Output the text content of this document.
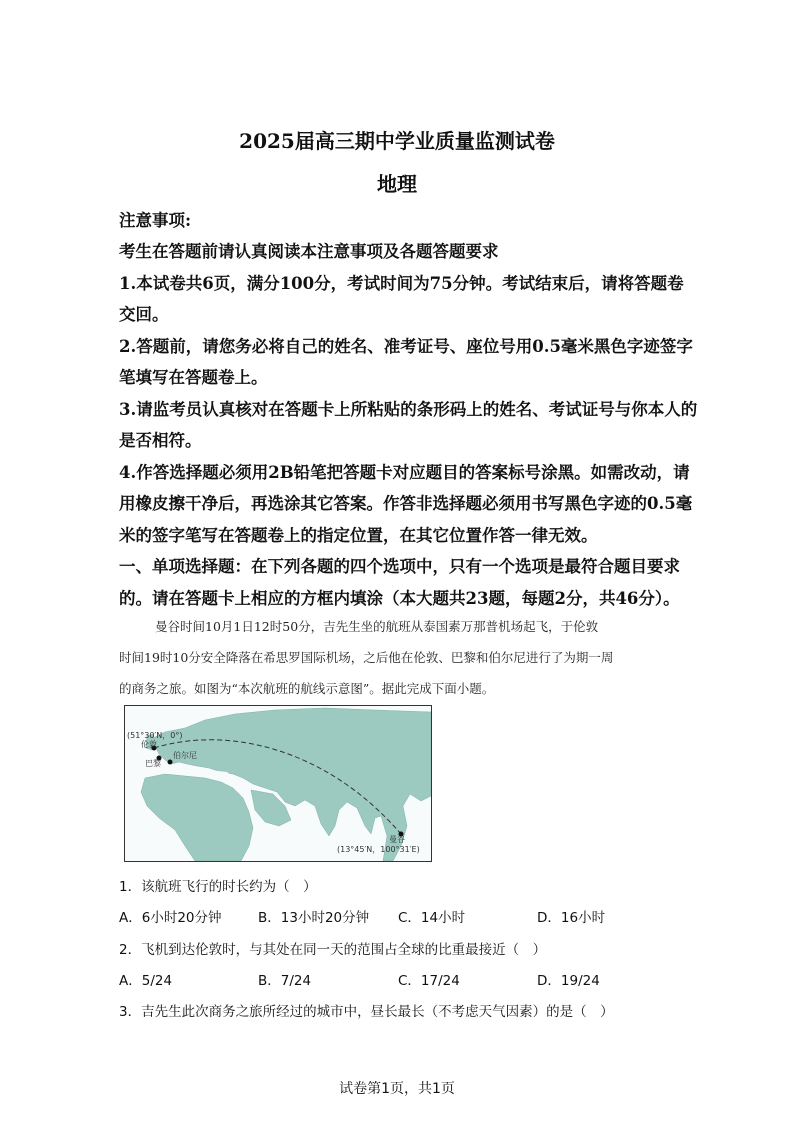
2025届高三期中学业质量监测试卷
地理
注意事项:
考生在答题前请认真阅读本注意事项及各题答题要求
1.本试卷共6页，满分100分，考试时间为75分钟。考试结束后，请将答题卷
交回。
2.答题前，请您务必将自己的姓名、准考证号、座位号用0.5毫米黑色字迹签字
笔填写在答题卷上。
3.请监考员认真核对在答题卡上所粘贴的条形码上的姓名、考试证号与你本人的
是否相符。
4.作答选择题必须用2B铅笔把答题卡对应题目的答案标号涂黑。如需改动，请
用橡皮擦干净后，再选涂其它答案。作答非选择题必须用书写黑色字迹的0.5毫
米的签字笔写在答题卷上的指定位置，在其它位置作答一律无效。
一、单项选择题：在下列各题的四个选项中，只有一个选项是最符合题目要求
的。请在答题卡上相应的方框内填涂（本大题共23题，每题2分，共46分）。
曼谷时间10月1日12时50分，吉先生坐的航班从泰国素万那普机场起飞，于伦敦
时间19时10分安全降落在希思罗国际机场，之后他在伦敦、巴黎和伯尔尼进行了为期一周
的商务之旅。如图为“本次航班的航线示意图”。据此完成下面小题。
(51°30′N，0°)
伦敦
巴黎
伯尔尼
曼谷
(13°45′N，100°31′E)
1．该航班飞行的时长约为（　）
A．6小时20分钟	B．13小时20分钟 C．14小时	D．16小时
2．飞机到达伦敦时，与其处在同一天的范围占全球的比重最接近（　）
A．5/24	B．7/24	C．17/24	D．19/24
3．吉先生此次商务之旅所经过的城市中，昼长最长（不考虑天气因素）的是（　）
试卷第1页，共1页
